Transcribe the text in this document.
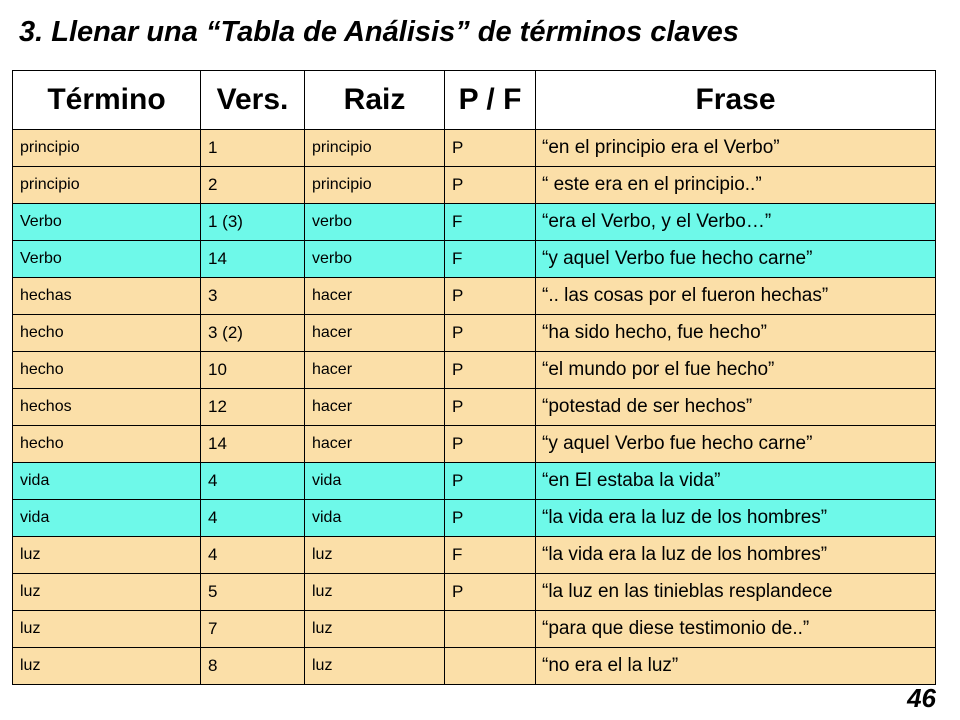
3. Llenar una “Tabla de Análisis” de términos claves
Término	Vers.	Raiz	P / F	Frase
principio	1	principio	P	“en el principio era el Verbo”
principio	2	principio	P	“ este era en el principio..”
Verbo	1 (3)	verbo	F	“era el Verbo, y el Verbo…”
Verbo	14	verbo	F	“y aquel Verbo fue hecho carne”
hechas	3	hacer	P	“.. las cosas por el fueron hechas”
hecho	3 (2)	hacer	P	“ha sido hecho, fue hecho”
hecho	10	hacer	P	“el mundo por el fue hecho”
hechos	12	hacer	P	“potestad de ser hechos”
hecho	14	hacer	P	“y aquel Verbo fue hecho carne”
vida	4	vida	P	“en El estaba la vida”
vida	4	vida	P	“la vida era la luz de los hombres”
luz	4	luz	F	“la vida era la luz de los hombres”
luz	5	luz	P	“la luz en las tinieblas resplandece
luz	7	luz		“para que diese testimonio de..”
luz	8	luz		“no era el la luz”
46
